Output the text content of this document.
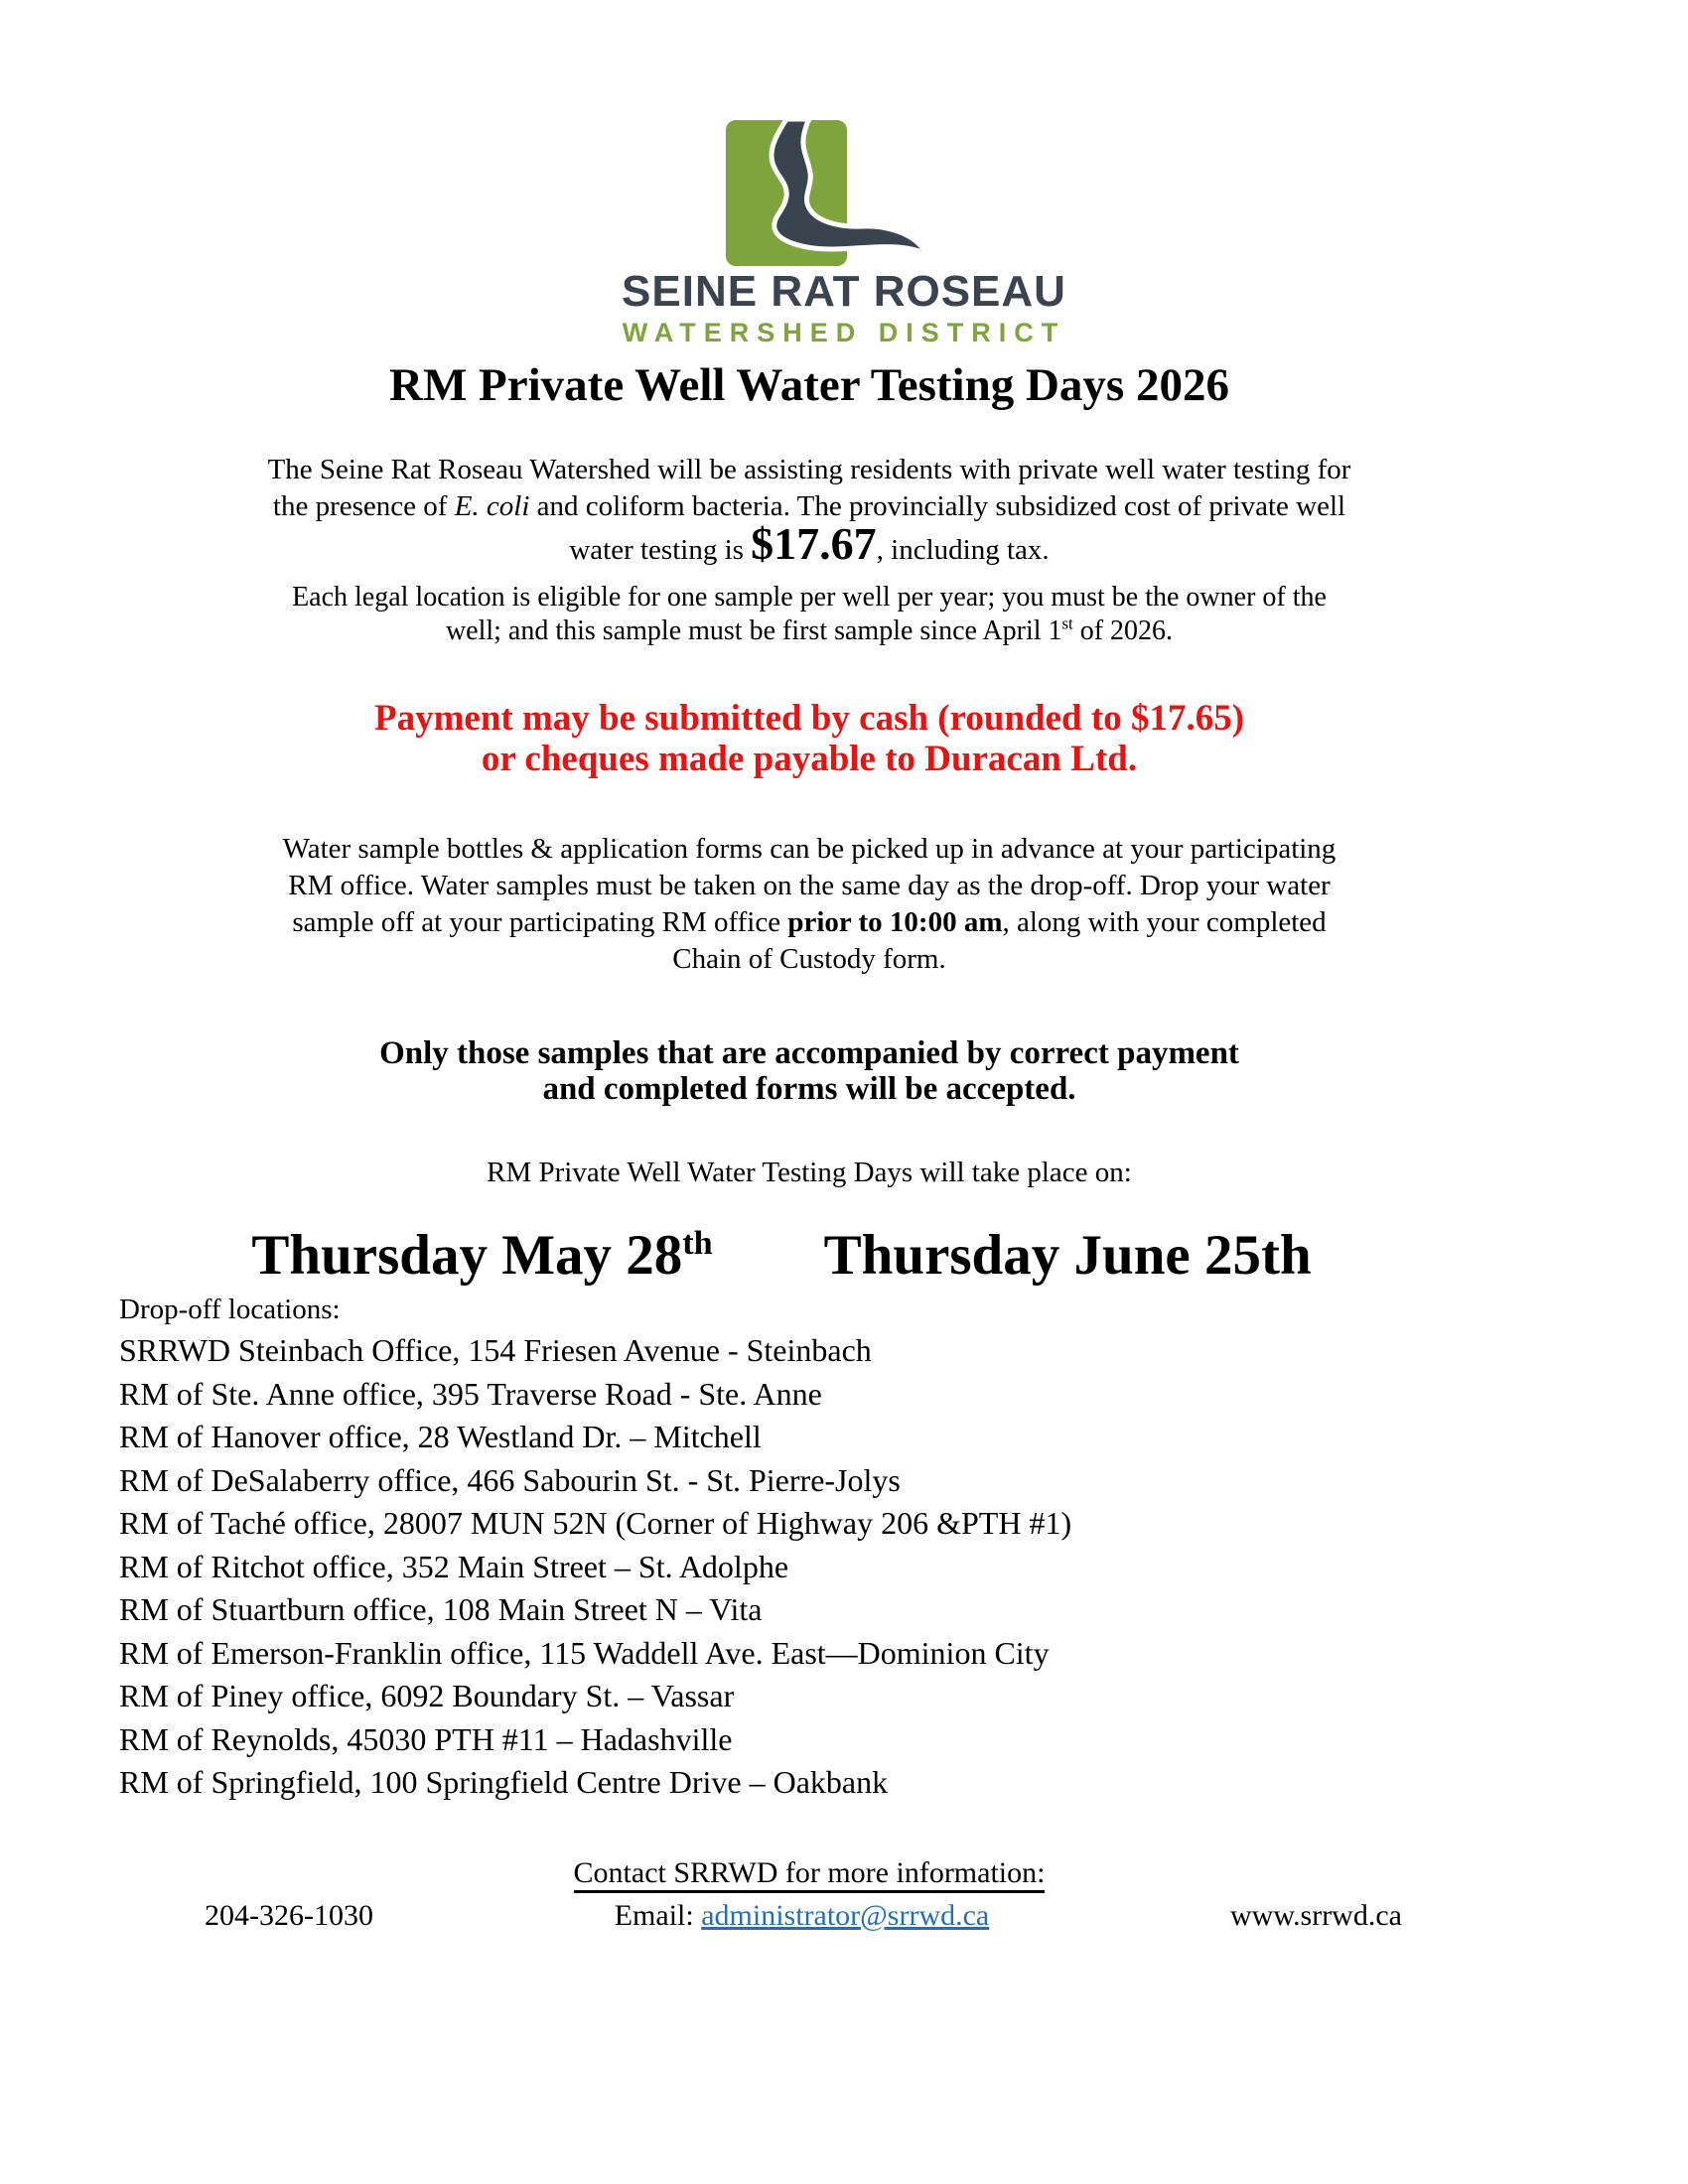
SEINE RAT ROSEAU
WATERSHED DISTRICT
RM Private Well Water Testing Days 2026
The Seine Rat Roseau Watershed will be assisting residents with private well water testing for
the presence of E. coli and coliform bacteria. The provincially subsidized cost of private well
water testing is $17.67, including tax.
Each legal location is eligible for one sample per well per year; you must be the owner of the
well; and this sample must be first sample since April 1st of 2026.
Payment may be submitted by cash (rounded to $17.65)
or cheques made payable to Duracan Ltd.
Water sample bottles & application forms can be picked up in advance at your participating
RM office. Water samples must be taken on the same day as the drop-off. Drop your water
sample off at your participating RM office prior to 10:00 am, along with your completed
Chain of Custody form.
Only those samples that are accompanied by correct payment
and completed forms will be accepted.
RM Private Well Water Testing Days will take place on:
Thursday May 28th Thursday June 25th
Drop-off locations:
SRRWD Steinbach Office, 154 Friesen Avenue - Steinbach
RM of Ste. Anne office, 395 Traverse Road - Ste. Anne
RM of Hanover office, 28 Westland Dr. – Mitchell
RM of DeSalaberry office, 466 Sabourin St. - St. Pierre-Jolys
RM of Taché office, 28007 MUN 52N (Corner of Highway 206 &PTH #1)
RM of Ritchot office, 352 Main Street – St. Adolphe
RM of Stuartburn office, 108 Main Street N – Vita
RM of Emerson-Franklin office, 115 Waddell Ave. East—Dominion City
RM of Piney office, 6092 Boundary St. – Vassar
RM of Reynolds, 45030 PTH #11 – Hadashville
RM of Springfield, 100 Springfield Centre Drive – Oakbank
Contact SRRWD for more information:
204-326-1030	Email: administrator@srrwd.ca	www.srrwd.ca
